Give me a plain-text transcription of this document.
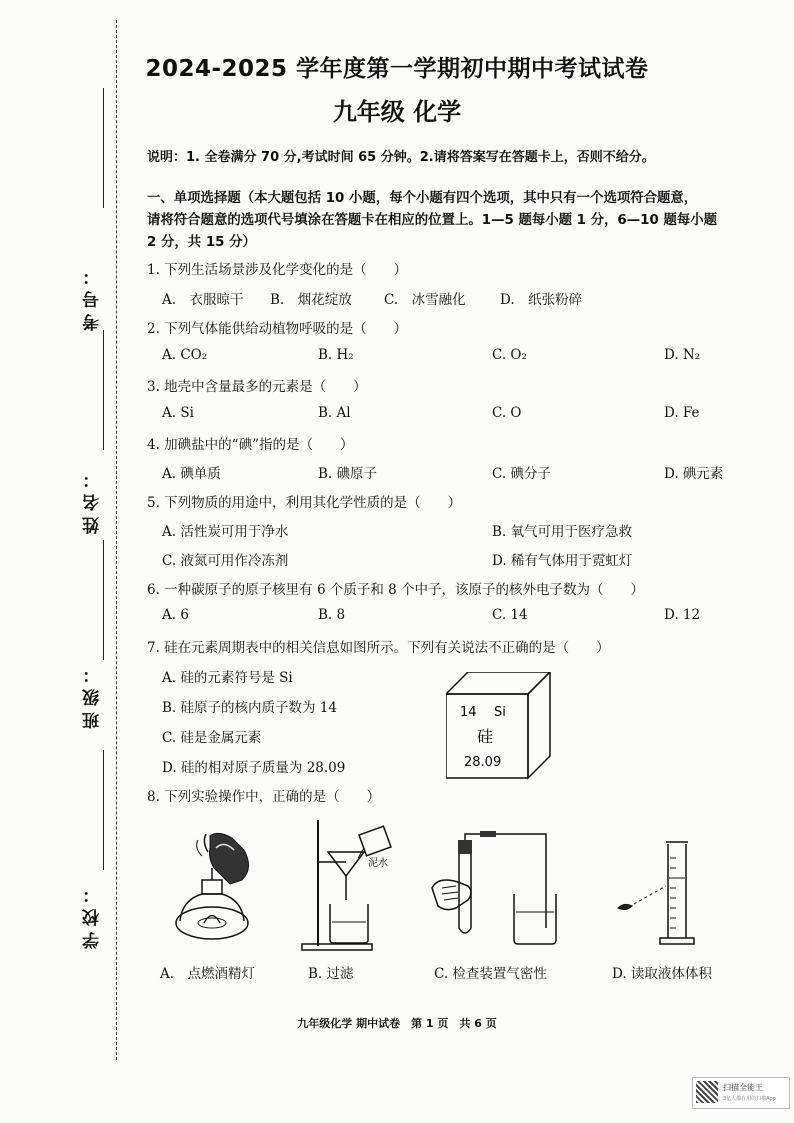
考号：
姓名：
班级：
学校：
2024-2025 学年度第一学期初中期中考试试卷
九年级 化学
说明：1. 全卷满分 70 分,考试时间 65 分钟。2.请将答案写在答题卡上，否则不给分。
一、单项选择题（本大题包括 10 小题，每个小题有四个选项，其中只有一个选项符合题意，
请将符合题意的选项代号填涂在答题卡在相应的位置上。1—5 题每小题 1 分，6—10 题每小题
2 分，共 15 分）
1. 下列生活场景涉及化学变化的是（　　）
A.　衣服晾干 B.　烟花绽放 C.　冰雪融化	D.　纸张粉碎
2. 下列气体能供给动植物呼吸的是（　　）
A. CO₂	B. H₂	C. O₂	D. N₂
3. 地壳中含量最多的元素是（　　）
A. Si	B. Al	C. O	D. Fe
4. 加碘盐中的“碘”指的是（　　）
A. 碘单质	B. 碘原子	C. 碘分子	D. 碘元素
5. 下列物质的用途中，利用其化学性质的是（　　）
A. 活性炭可用于净水	B. 氧气可用于医疗急救
C. 液氮可用作冷冻剂	D. 稀有气体用于霓虹灯
6. 一种碳原子的原子核里有 6 个质子和 8 个中子，该原子的核外电子数为（　　）
A. 6	B. 8	C. 14	D. 12
7. 硅在元素周期表中的相关信息如图所示。下列有关说法不正确的是（　　）
A. 硅的元素符号是 Si
B. 硅原子的核内质子数为 14
C. 硅是金属元素
D. 硅的相对原子质量为 28.09
14 Si
硅
28.09
8. 下列实验操作中，正确的是（　　）
泥水
A.　点燃酒精灯	B. 过滤	C. 检查装置气密性	D. 读取液体体积
九年级化学 期中试卷　第 1 页　共 6 页
扫描全能王
3亿人都在用的扫描App
